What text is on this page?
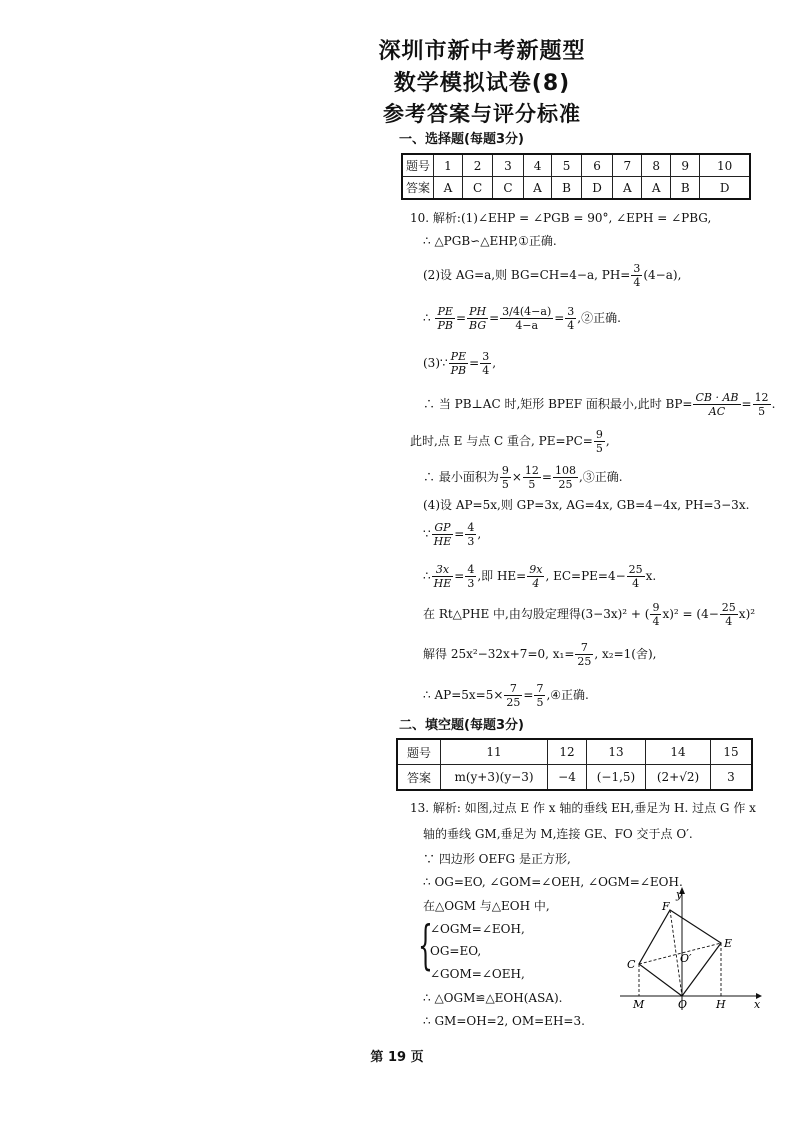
深圳市新中考新题型
数学模拟试卷(8)
参考答案与评分标准
一、选择题(每题3分)
题号	1	2	3	4	5	6	7	8	9	10
答案	A	C	C	A	B	D	A	A	B	D
10. 解析:(1)∠EHP = ∠PGB = 90°, ∠EPH = ∠PBG,
∴ △PGB∽△EHP,①正确.
(2)设 AG=a,则 BG=CH=4−a, $PH= \frac{3}{4} (4-a)$,
∴ $\frac{PE}{PB} = \frac{PH}{BG} = \frac{3/4(4-a)}{4-a} = \frac{3}{4}$ ,②正确.
(3)∵ $\frac{PE}{PB} = \frac{3}{4}$ ,
∴ 当 PB⊥AC 时,矩形 BPEF 面积最小,此时 $BP= \frac{CB \cdot AB}{AC} = \frac{12}{5}$ .
此时,点 E 与点 C 重合, $PE=PC= \frac{9}{5}$ ,
∴ 最小面积为 $\frac{9}{5} \times \frac{12}{5} = \frac{108}{25}$ ,③正确.
(4)设 AP=5x,则 GP=3x, AG=4x, GB=4−4x, PH=3−3x.
∵ $\frac{GP}{HE} = \frac{4}{3}$ ,
∴ $\frac{3x}{HE} = \frac{4}{3}$ ,即 $HE= \frac{9x}{4}$ , $EC=PE=4- \frac{25}{4} x$.
在 Rt△PHE 中,由勾股定理得(3−3x)² + ( $\frac{9}{4} x)^2 = (4- \frac{25}{4} x)^2$
解得 25x²−32x+7=0, $x_1= \frac{7}{25}$ , x₂=1(舍),
∴ $AP=5x=5\times \frac{7}{25} = \frac{7}{5}$ ,④正确.
二、填空题(每题3分)
题号	11	12	13	14	15
答案	m(y+3)(y−3)	−4	(−1,5)	(2+√2)	3
13. 解析: 如图,过点 E 作 x 轴的垂线 EH,垂足为 H. 过点 G 作 x
轴的垂线 GM,垂足为 M,连接 GE、FO 交于点 O′.
∵ 四边形 OEFG 是正方形,
∴ OG=EO, ∠GOM=∠OEH, ∠OGM=∠EOH.
在△OGM 与△EOH 中,
{
∠OGM=∠EOH,
OG=EO,
∠GOM=∠OEH,
∴ △OGM≌△EOH(ASA).
∴ GM=OH=2, OM=EH=3.
F
y
E
O′
C
M	O	H	x
第 19 页
